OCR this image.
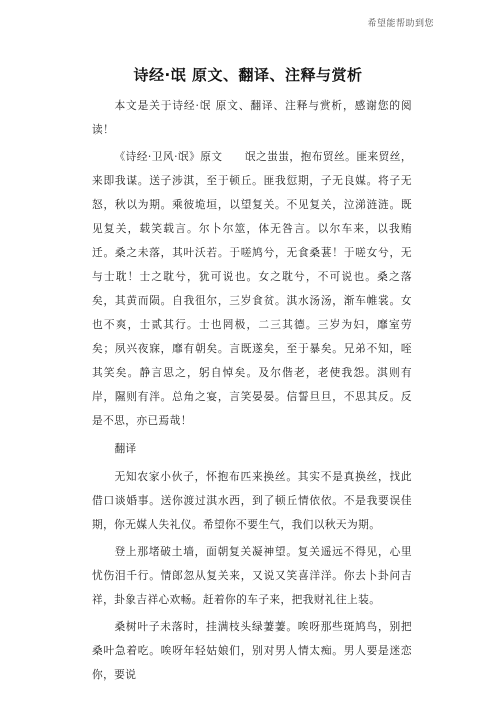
希望能帮助到您
诗经·氓 原文、翻译、注释与赏析

本文是关于诗经·氓 原文、翻译、注释与赏析，感谢您的阅读！

《诗经·卫风·氓》原文　　氓之蚩蚩，抱布贸丝。匪来贸丝，来即我谋。送子涉淇，至于顿丘。匪我愆期，子无良媒。将子无怒，秋以为期。乘彼垝垣，以望复关。不见复关，泣涕涟涟。既见复关，载笑载言。尔卜尔筮，体无咎言。以尔车来，以我贿迁。桑之未落，其叶沃若。于嗟鸠兮，无食桑葚！于嗟女兮，无与士耽！士之耽兮，犹可说也。女之耽兮，不可说也。桑之落矣，其黄而陨。自我徂尔，三岁食贫。淇水汤汤，渐车帷裳。女也不爽，士贰其行。士也罔极，二三其德。三岁为妇，靡室劳矣；夙兴夜寐，靡有朝矣。言既遂矣，至于暴矣。兄弟不知，咥其笑矣。静言思之，躬自悼矣。及尔偕老，老使我怨。淇则有岸，隰则有泮。总角之宴，言笑晏晏。信誓旦旦，不思其反。反是不思，亦已焉哉！

翻译

无知农家小伙子，怀抱布匹来换丝。其实不是真换丝，找此借口谈婚事。送你渡过淇水西，到了顿丘情依依。不是我要误佳期，你无媒人失礼仪。希望你不要生气，我们以秋天为期。

登上那堵破土墙，面朝复关凝神望。复关遥远不得见，心里忧伤泪千行。情郎忽从复关来，又说又笑喜洋洋。你去卜卦问吉祥，卦象吉祥心欢畅。赶着你的车子来，把我财礼往上装。

桑树叶子未落时，挂满枝头绿萋萋。唉呀那些斑鸠鸟，别把桑叶急着吃。唉呀年轻姑娘们，别对男人情太痴。男人要是迷恋你，要说
